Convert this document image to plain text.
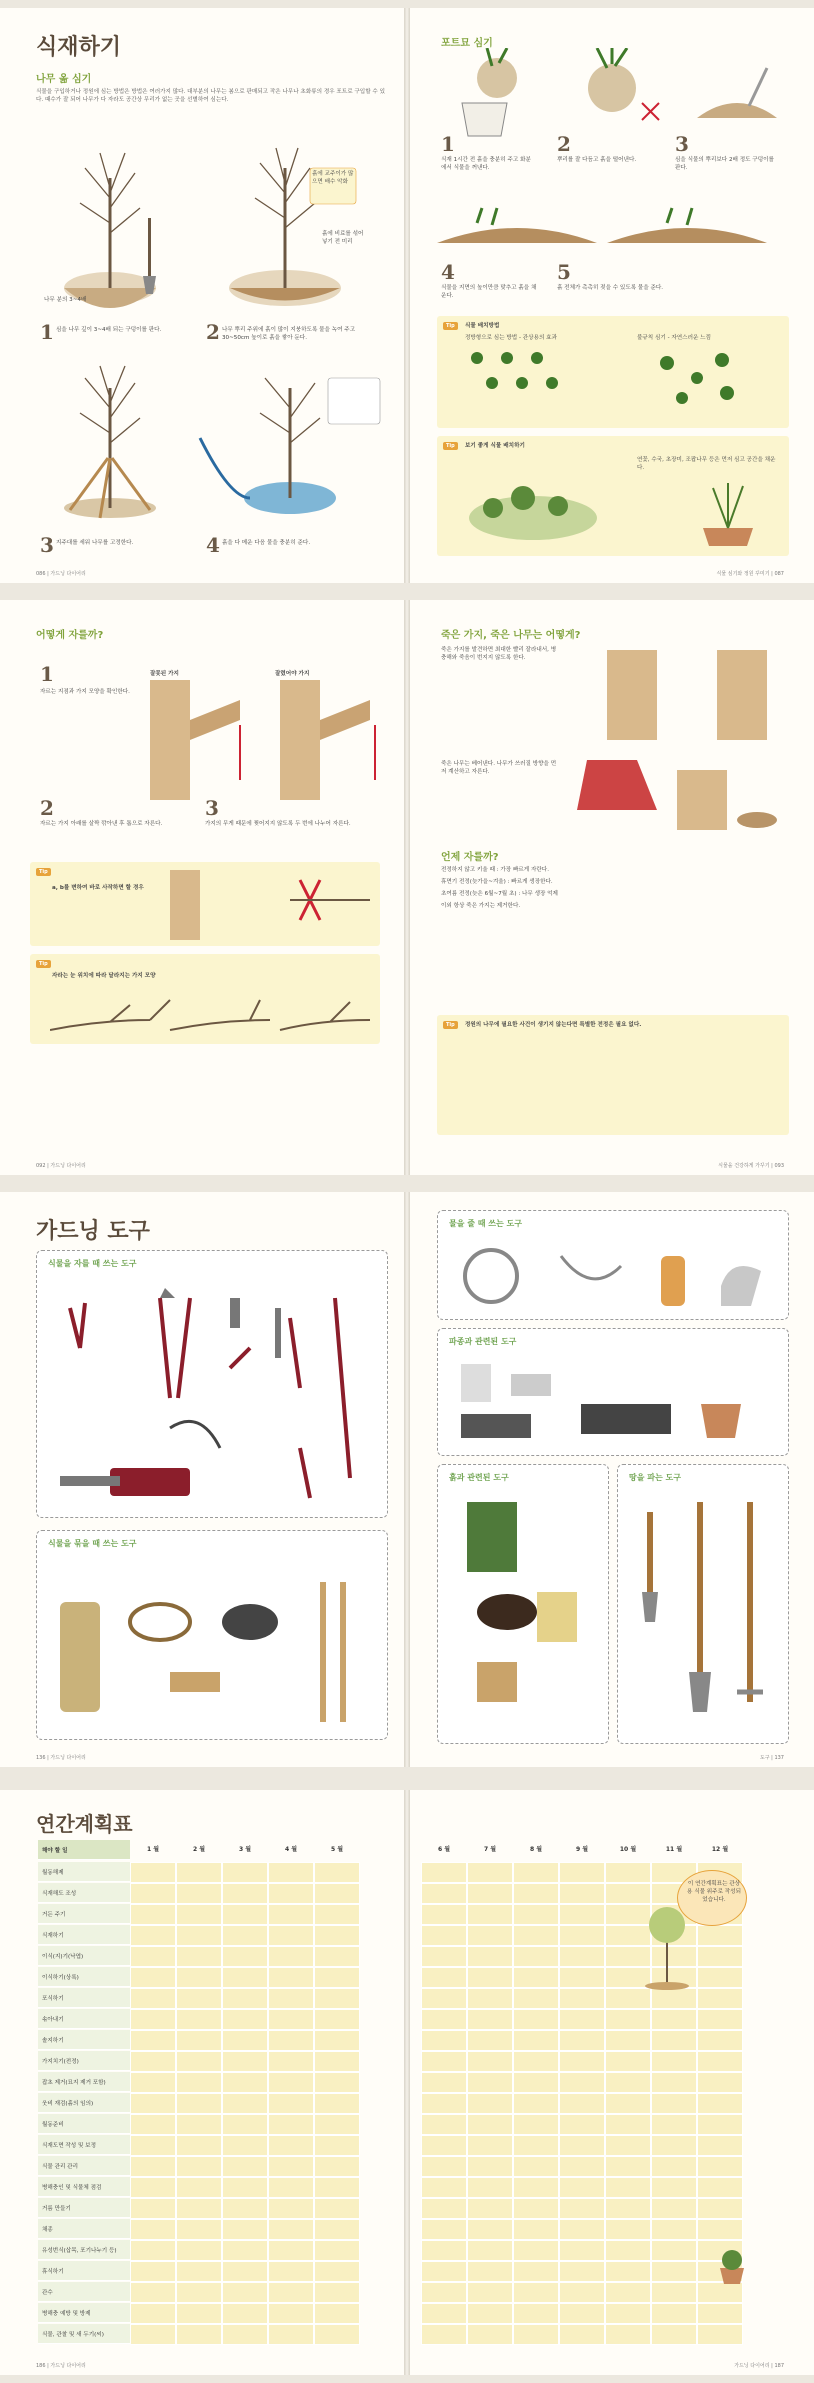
식재하기
나무 옮 심기
식물을 구입하거나 정원에 심는 방법은 방법은 여러가지 많다. 대부분의 나무는 봄으로 판매되고 작은 나무나 초화류의 경우 포트로 구입할 수 있다. 때수가 잘 되어 나무가 다 자라도 공간상 무리가 없는 곳을 선별하여 심는다.
나무 분의 3~4배
흙에 교주이가 많으면 배수 악화
흙에 비료를 섞어 넣기 전 미리
1 심을 나무 깊이 3~4배 되는 구덩이를 판다.	2 나무 뿌리 주위에 흙이 많이 지붕하도록 물을 녹여 주고 30~50cm 높이로 흙을 쌓아 둔다.
3 지주대를 세워 나무를 고정한다.	4 흙을 다 메운 다음 물을 충분히 준다.
086 | 가드닝 다이어리
포트묘 심기
1
식재 1시간 전 흙을 충분히 주고 화분에서 식물을 꺼낸다.
2
뿌리를 잘 다듬고 흙을 떨어낸다.
3
심을 식물의 뿌리보다 2배 정도 구덩이를 판다.
4
식물을 지면의 높이만큼 맞추고 흙을 채운다.
5
흙 전체가 촉촉히 젖을 수 있도록 물을 준다.
Tip	식물 배치방법
정방형으로 심는 방법 - 관상용의 효과	불규칙 심기 - 자연스러운 느낌
Tip	보기 좋게 식물 배치하기
연꽃, 수국, 초장미, 조팝나무 등은 먼저 심고 공간을 채운다.
식물 심기와 정원 꾸미기 | 087
어떻게 자를까?
1
자르는 지점과 가지 모양을 확인한다.
잘못된 가지	잘렸어야 가지
2
자르는 가지 아래를 살짝 깎아낸 후 톱으로 자른다.
3
가지의 무게 때문에 찢어지지 않도록 두 번에 나누어 자른다.
Tip
a, b를 변하여 바로 사작하면 할 경우
Tip
자라는 눈 위치에 따라 달라지는 가지 모양
092 | 가드닝 다이어리
죽은 가지, 죽은 나무는 어떻게?
죽은 가지를 발견하면 최대한 빨리 잘라내서, 병충해와 죽음이 번지지 않도록 한다.
죽은 나무는 베어낸다. 나무가 쓰러질 방향을 먼저 계산하고 자른다.
언제 자를까?
전정하지 않고 키울 때 : 가장 빠르게 자란다.
휴면기 전정(늦가을~겨울) : 빠르게 생장한다.
초여름 전정(늦은 6월~7월 초) : 나무 생장 억제
이외 항상 죽은 가지는 제거한다.
Tip	정원의 나무에 필요한 사건이 생기지 않는다면 특별한 전정은 필요 없다.
식물을 건강하게 가꾸기 | 093
가드닝 도구
식물을 자를 때 쓰는 도구
식물을 묶을 때 쓰는 도구
136 | 가드닝 다이어리
물을 줄 때 쓰는 도구
파종과 관련된 도구
흙과 관련된 도구	땅을 파는 도구
도구 | 137
연간계획표
해야 할 일	1 월	2 월	3 월	4 월	5 월
월동해제
식재해도 조성
거든 주기
식재하기
이식(지)기(낙엽)
이식하기(상록)
포식하기
솎아내기
솔지하기
가지치기(전정)
잡초 제거(묘지 제거 포함)
웃비 재검(흙의 임의)
월동준비
식재도면 작성 및 보정
식물 관리 관리
병해충인 및 식물체 점검
거름 만들기
채종
유성번식(삽목, 포기나누기 등)
휴식하기
관수
병해충 예방 및 방제
식물, 관찰 및 새 두기(씨)
186 | 가드닝 다이어리
6 월	7 월	8 월	9 월	10 월	11 월	12 월
이 연간계획표는 관상용 식물 위주로 작성되었습니다.
가드닝 다이어리 | 187
